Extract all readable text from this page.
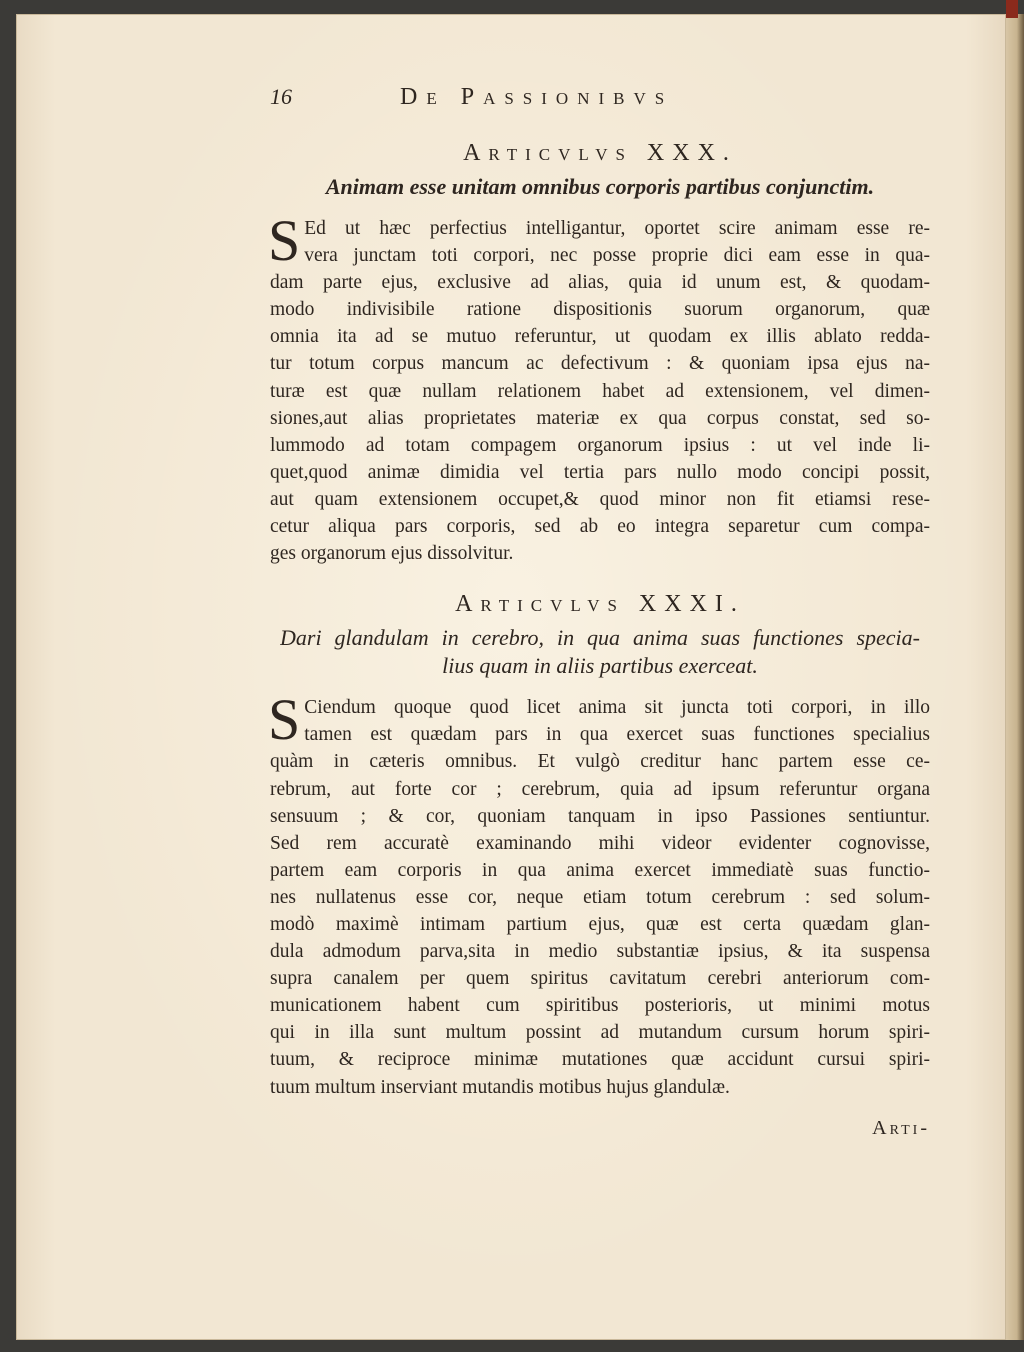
16	De Passionibvs
Articvlvs XXX.
Animam esse unitam omnibus corporis partibus conjunctim.
S Ed ut hæc perfectius intelligantur, oportet scire animam esse re-
vera junctam toti corpori, nec posse proprie dici eam esse in qua-
dam parte ejus, exclusive ad alias, quia id unum est, & quodam-
modo indivisibile ratione dispositionis suorum organorum, quæ
omnia ita ad se mutuo referuntur, ut quodam ex illis ablato redda-
tur totum corpus mancum ac defectivum : & quoniam ipsa ejus na-
turæ est quæ nullam relationem habet ad extensionem, vel dimen-
siones,aut alias proprietates materiæ ex qua corpus constat, sed so-
lummodo ad totam compagem organorum ipsius : ut vel inde li-
quet,quod animæ dimidia vel tertia pars nullo modo concipi possit,
aut quam extensionem occupet,& quod minor non fit etiamsi rese-
cetur aliqua pars corporis, sed ab eo integra separetur cum compa-
ges organorum ejus dissolvitur.
Articvlvs XXXI.
Dari glandulam in cerebro, in qua anima suas functiones specia-
lius quam in aliis partibus exerceat.
S Ciendum quoque quod licet anima sit juncta toti corpori, in illo
tamen est quædam pars in qua exercet suas functiones specialius
quàm in cæteris omnibus. Et vulgò creditur hanc partem esse ce-
rebrum, aut forte cor ; cerebrum, quia ad ipsum referuntur organa
sensuum ; & cor, quoniam tanquam in ipso Passiones sentiuntur.
Sed rem accuratè examinando mihi videor evidenter cognovisse,
partem eam corporis in qua anima exercet immediatè suas functio-
nes nullatenus esse cor, neque etiam totum cerebrum : sed solum-
modò maximè intimam partium ejus, quæ est certa quædam glan-
dula admodum parva,sita in medio substantiæ ipsius, & ita suspensa
supra canalem per quem spiritus cavitatum cerebri anteriorum com-
municationem habent cum spiritibus posterioris, ut minimi motus
qui in illa sunt multum possint ad mutandum cursum horum spiri-
tuum, & reciproce minimæ mutationes quæ accidunt cursui spiri-
tuum multum inserviant mutandis motibus hujus glandulæ.
Arti-
